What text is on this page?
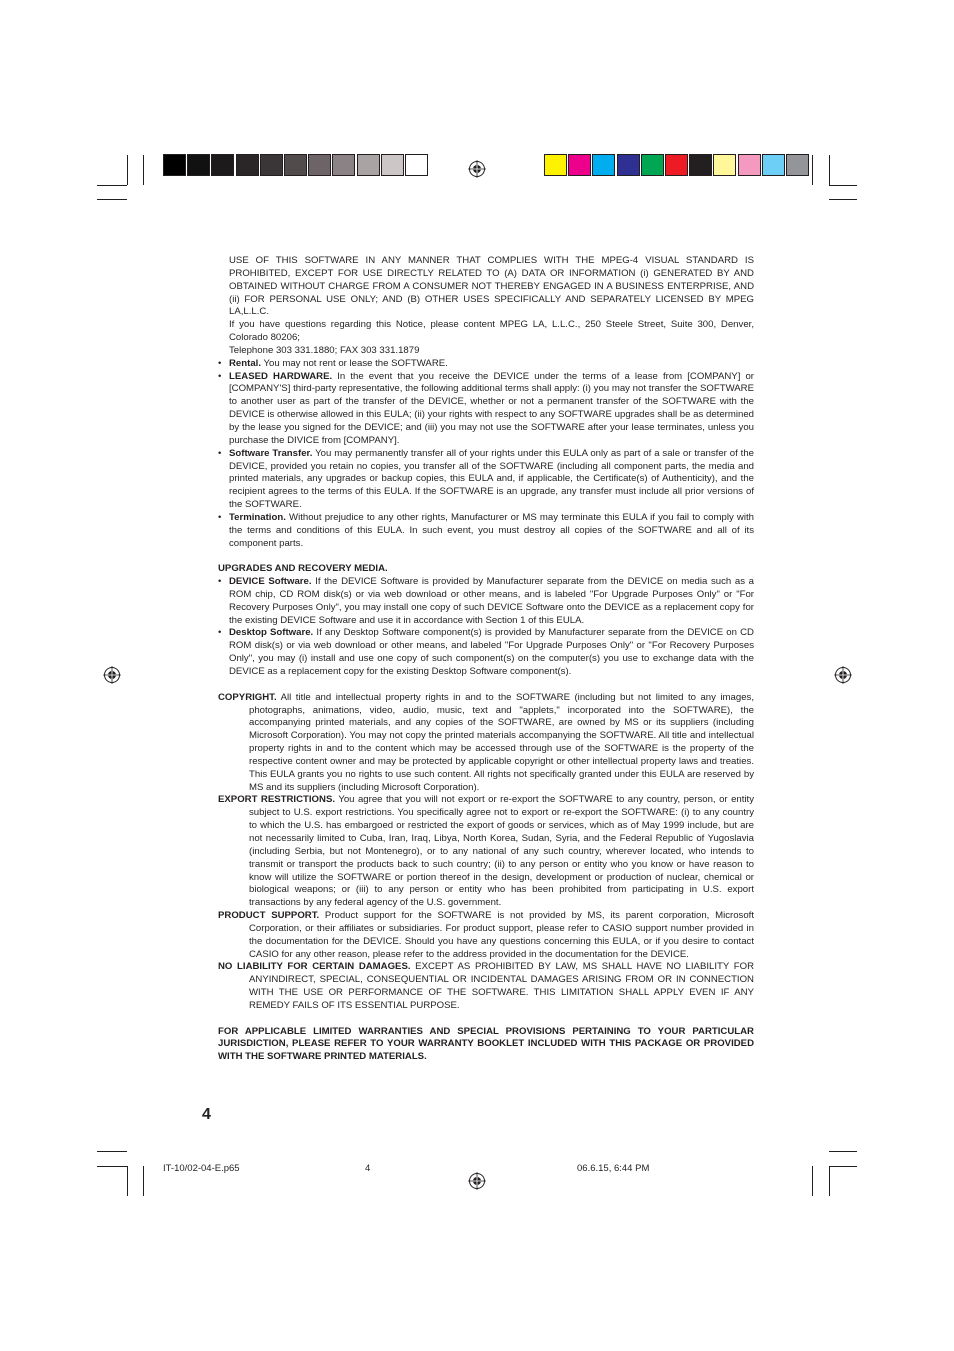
USE OF THIS SOFTWARE IN ANY MANNER THAT COMPLIES WITH THE MPEG-4 VISUAL STANDARD IS PROHIBITED, EXCEPT FOR USE DIRECTLY RELATED TO (A) DATA OR INFORMATION (i) GENERATED BY AND OBTAINED WITHOUT CHARGE FROM A CONSUMER NOT THEREBY ENGAGED IN A BUSINESS ENTERPRISE, AND (ii) FOR PERSONAL USE ONLY; AND (B) OTHER USES SPECIFICALLY AND SEPARATELY LICENSED BY MPEG LA,L.L.C.

If you have questions regarding this Notice, please content MPEG LA, L.L.C., 250 Steele Street, Suite 300, Denver, Colorado 80206;

Telephone 303 331.1880; FAX 303 331.1879

• Rental. You may not rent or lease the SOFTWARE.

• LEASED HARDWARE. In the event that you receive the DEVICE under the terms of a lease from [COMPANY] or [COMPANY'S] third-party representative, the following additional terms shall apply: (i) you may not transfer the SOFTWARE to another user as part of the transfer of the DEVICE, whether or not a permanent transfer of the SOFTWARE with the DEVICE is otherwise allowed in this EULA; (ii) your rights with respect to any SOFTWARE upgrades shall be as determined by the lease you signed for the DEVICE; and (iii) you may not use the SOFTWARE after your lease terminates, unless you purchase the DIVICE from [COMPANY].

• Software Transfer. You may permanently transfer all of your rights under this EULA only as part of a sale or transfer of the DEVICE, provided you retain no copies, you transfer all of the SOFTWARE (including all component parts, the media and printed materials, any upgrades or backup copies, this EULA and, if applicable, the Certificate(s) of Authenticity), and the recipient agrees to the terms of this EULA. If the SOFTWARE is an upgrade, any transfer must include all prior versions of the SOFTWARE.

• Termination. Without prejudice to any other rights, Manufacturer or MS may terminate this EULA if you fail to comply with the terms and conditions of this EULA. In such event, you must destroy all copies of the SOFTWARE and all of its component parts.

UPGRADES AND RECOVERY MEDIA.

• DEVICE Software. If the DEVICE Software is provided by Manufacturer separate from the DEVICE on media such as a ROM chip, CD ROM disk(s) or via web download or other means, and is labeled "For Upgrade Purposes Only" or "For Recovery Purposes Only", you may install one copy of such DEVICE Software onto the DEVICE as a replacement copy for the existing DEVICE Software and use it in accordance with Section 1 of this EULA.

• Desktop Software. If any Desktop Software component(s) is provided by Manufacturer separate from the DEVICE on CD ROM disk(s) or via web download or other means, and labeled "For Upgrade Purposes Only" or "For Recovery Purposes Only", you may (i) install and use one copy of such component(s) on the computer(s) you use to exchange data with the DEVICE as a replacement copy for the existing Desktop Software component(s).

COPYRIGHT. All title and intellectual property rights in and to the SOFTWARE (including but not limited to any images, photographs, animations, video, audio, music, text and "applets," incorporated into the SOFTWARE), the accompanying printed materials, and any copies of the SOFTWARE, are owned by MS or its suppliers (including Microsoft Corporation). You may not copy the printed materials accompanying the SOFTWARE. All title and intellectual property rights in and to the content which may be accessed through use of the SOFTWARE is the property of the respective content owner and may be protected by applicable copyright or other intellectual property laws and treaties. This EULA grants you no rights to use such content. All rights not specifically granted under this EULA are reserved by MS and its suppliers (including Microsoft Corporation).

EXPORT RESTRICTIONS. You agree that you will not export or re-export the SOFTWARE to any country, person, or entity subject to U.S. export restrictions. You specifically agree not to export or re-export the SOFTWARE: (i) to any country to which the U.S. has embargoed or restricted the export of goods or services, which as of May 1999 include, but are not necessarily limited to Cuba, Iran, Iraq, Libya, North Korea, Sudan, Syria, and the Federal Republic of Yugoslavia (including Serbia, but not Montenegro), or to any national of any such country, wherever located, who intends to transmit or transport the products back to such country; (ii) to any person or entity who you know or have reason to know will utilize the SOFTWARE or portion thereof in the design, development or production of nuclear, chemical or biological weapons; or (iii) to any person or entity who has been prohibited from participating in U.S. export transactions by any federal agency of the U.S. government.

PRODUCT SUPPORT. Product support for the SOFTWARE is not provided by MS, its parent corporation, Microsoft Corporation, or their affiliates or subsidiaries. For product support, please refer to CASIO support number provided in the documentation for the DEVICE. Should you have any questions concerning this EULA, or if you desire to contact CASIO for any other reason, please refer to the address provided in the documentation for the DEVICE.

NO LIABILITY FOR CERTAIN DAMAGES. EXCEPT AS PROHIBITED BY LAW, MS SHALL HAVE NO LIABILITY FOR ANYINDIRECT, SPECIAL, CONSEQUENTIAL OR INCIDENTAL DAMAGES ARISING FROM OR IN CONNECTION WITH THE USE OR PERFORMANCE OF THE SOFTWARE. THIS LIMITATION SHALL APPLY EVEN IF ANY REMEDY FAILS OF ITS ESSENTIAL PURPOSE.

FOR APPLICABLE LIMITED WARRANTIES AND SPECIAL PROVISIONS PERTAINING TO YOUR PARTICULAR JURISDICTION, PLEASE REFER TO YOUR WARRANTY BOOKLET INCLUDED WITH THIS PACKAGE OR PROVIDED WITH THE SOFTWARE PRINTED MATERIALS.

4
IT-10/02-04-E.p65	4	06.6.15, 6:44 PM
